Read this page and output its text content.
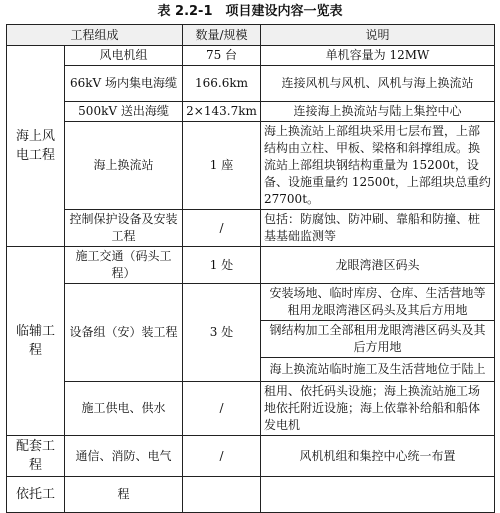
表 2.2-1　项目建设内容一览表
工程组成		数量/规模	说明
海上风电工程	风电机组	75 台	单机容量为 12MW
	66kV 场内集电海缆	166.6km	连接风机与风机、风机与海上换流站
	500kV 送出海缆	2×143.7km	连接海上换流站与陆上集控中心
	海上换流站	1 座	海上换流站上部组块采用七层布置，上部结构由立柱、甲板、梁格和斜撑组成。换流站上部组块钢结构重量为 15200t，设备、设施重量约 12500t，上部组块总重约 27700t。
	控制保护设备及安装工程	/	包括：防腐蚀、防冲刷、靠船和防撞、桩基基础监测等
临辅工程	施工交通（码头工程）	1 处	龙眼湾港区码头
	设备组（安）装工程	3 处	安装场地、临时库房、仓库、生活营地等租用龙眼湾港区码头及其后方用地
			钢结构加工全部租用龙眼湾港区码头及其后方用地
			海上换流站临时施工及生活营地位于陆上
	施工供电、供水	/	租用、依托码头设施；海上换流站施工场地依托附近设施；海上依靠补给船和船体发电机
配套工程	通信、消防、电气	/	风机机组和集控中心统一布置
依托工	程		
